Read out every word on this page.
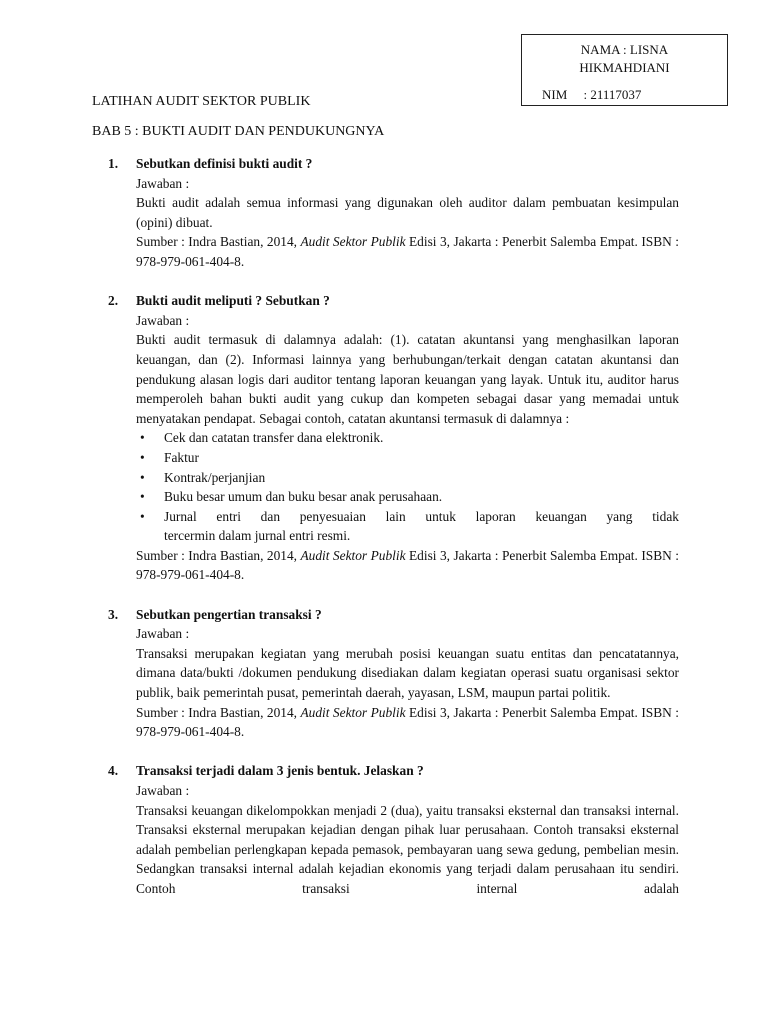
NAMA : LISNA
HIKMAHDIANI
NIM     : 21117037
LATIHAN AUDIT SEKTOR PUBLIK
BAB 5 : BUKTI AUDIT DAN PENDUKUNGNYA
1. Sebutkan definisi bukti audit ?

Jawaban :

Bukti audit adalah semua informasi yang digunakan oleh auditor dalam pembuatan kesimpulan (opini) dibuat.

Sumber : Indra Bastian, 2014, Audit Sektor Publik Edisi 3, Jakarta : Penerbit Salemba Empat. ISBN : 978-979-061-404-8.

2. Bukti audit meliputi ? Sebutkan ?

Jawaban :

Bukti audit termasuk di dalamnya adalah: (1). catatan akuntansi yang menghasilkan laporan keuangan, dan (2). Informasi lainnya yang berhubungan/terkait dengan catatan akuntansi dan pendukung alasan logis dari auditor tentang laporan keuangan yang layak. Untuk itu, auditor harus memperoleh bahan bukti audit yang cukup dan kompeten sebagai dasar yang memadai untuk menyatakan pendapat. Sebagai contoh, catatan akuntansi termasuk di dalamnya :

• Cek dan catatan transfer dana elektronik.
• Faktur
• Kontrak/perjanjian
• Buku besar umum dan buku besar anak perusahaan.
• Jurnal entri dan penyesuaian lain untuk laporan keuangan yang tidak
tercermin dalam jurnal entri resmi.

Sumber : Indra Bastian, 2014, Audit Sektor Publik Edisi 3, Jakarta : Penerbit Salemba Empat. ISBN : 978-979-061-404-8.

3. Sebutkan pengertian transaksi ?

Jawaban :

Transaksi merupakan kegiatan yang merubah posisi keuangan suatu entitas dan pencatatannya, dimana data/bukti /dokumen pendukung disediakan dalam kegiatan operasi suatu organisasi sektor publik, baik pemerintah pusat, pemerintah daerah, yayasan, LSM, maupun partai politik.

Sumber : Indra Bastian, 2014, Audit Sektor Publik Edisi 3, Jakarta : Penerbit Salemba Empat. ISBN : 978-979-061-404-8.

4. Transaksi terjadi dalam 3 jenis bentuk. Jelaskan ?

Jawaban :

Transaksi keuangan dikelompokkan menjadi 2 (dua), yaitu transaksi eksternal dan transaksi internal. Transaksi eksternal merupakan kejadian dengan pihak luar perusahaan. Contoh transaksi eksternal adalah pembelian perlengkapan kepada pemasok, pembayaran uang sewa gedung, pembelian mesin. Sedangkan transaksi internal adalah kejadian ekonomis yang terjadi dalam perusahaan itu sendiri. Contoh transaksi internal adalah
